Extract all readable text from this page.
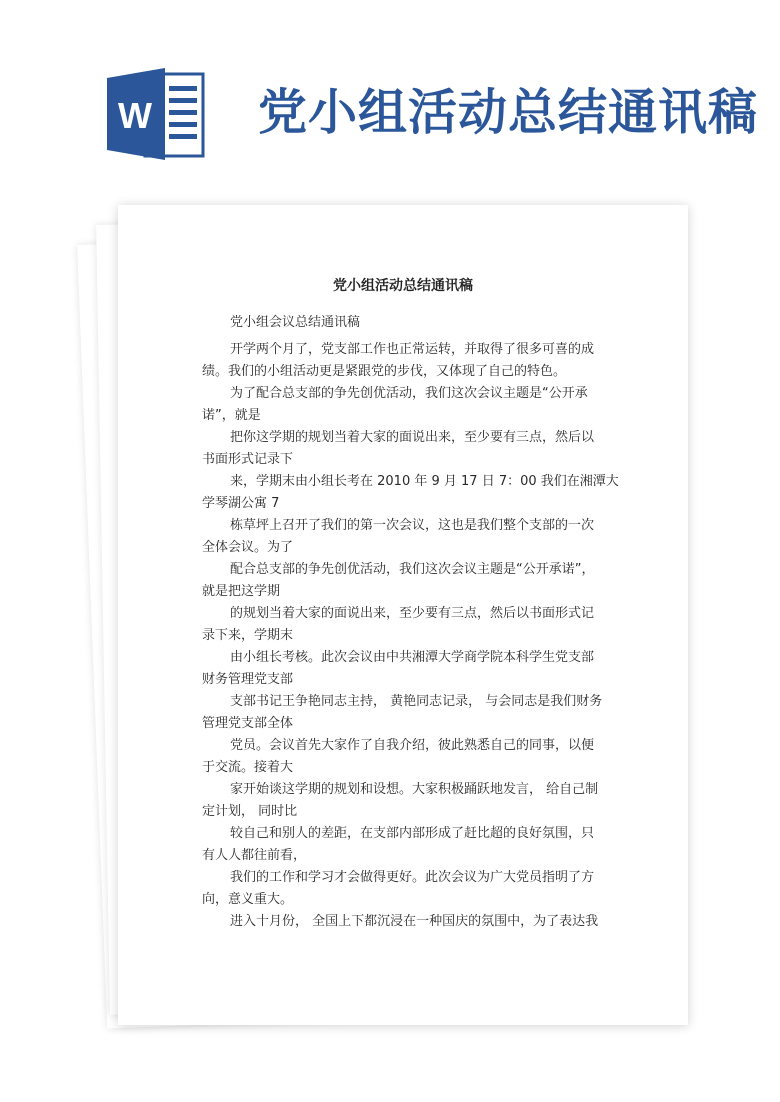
W 党小组活动总结通讯稿
党小组活动总结通讯稿
党小组会议总结通讯稿
开学两个月了，党支部工作也正常运转，并取得了很多可喜的成
绩。我们的小组活动更是紧跟党的步伐，又体现了自己的特色。
为了配合总支部的争先创优活动，我们这次会议主题是“公开承
诺”，就是
把你这学期的规划当着大家的面说出来，至少要有三点，然后以
书面形式记录下
来，学期末由小组长考在 2010 年 9 月 17 日 7：00 我们在湘潭大
学琴湖公寓 7
栋草坪上召开了我们的第一次会议，这也是我们整个支部的一次
全体会议。为了
配合总支部的争先创优活动，我们这次会议主题是“公开承诺”，
就是把这学期
的规划当着大家的面说出来，至少要有三点，然后以书面形式记
录下来，学期末
由小组长考核。此次会议由中共湘潭大学商学院本科学生党支部
财务管理党支部
支部书记王争艳同志主持， 黄艳同志记录， 与会同志是我们财务
管理党支部全体
党员。会议首先大家作了自我介绍，彼此熟悉自己的同事，以便
于交流。接着大
家开始谈这学期的规划和设想。大家积极踊跃地发言， 给自己制
定计划， 同时比
较自己和别人的差距，在支部内部形成了赶比超的良好氛围，只
有人人都往前看，
我们的工作和学习才会做得更好。此次会议为广大党员指明了方
向，意义重大。
进入十月份， 全国上下都沉浸在一种国庆的氛围中，为了表达我
